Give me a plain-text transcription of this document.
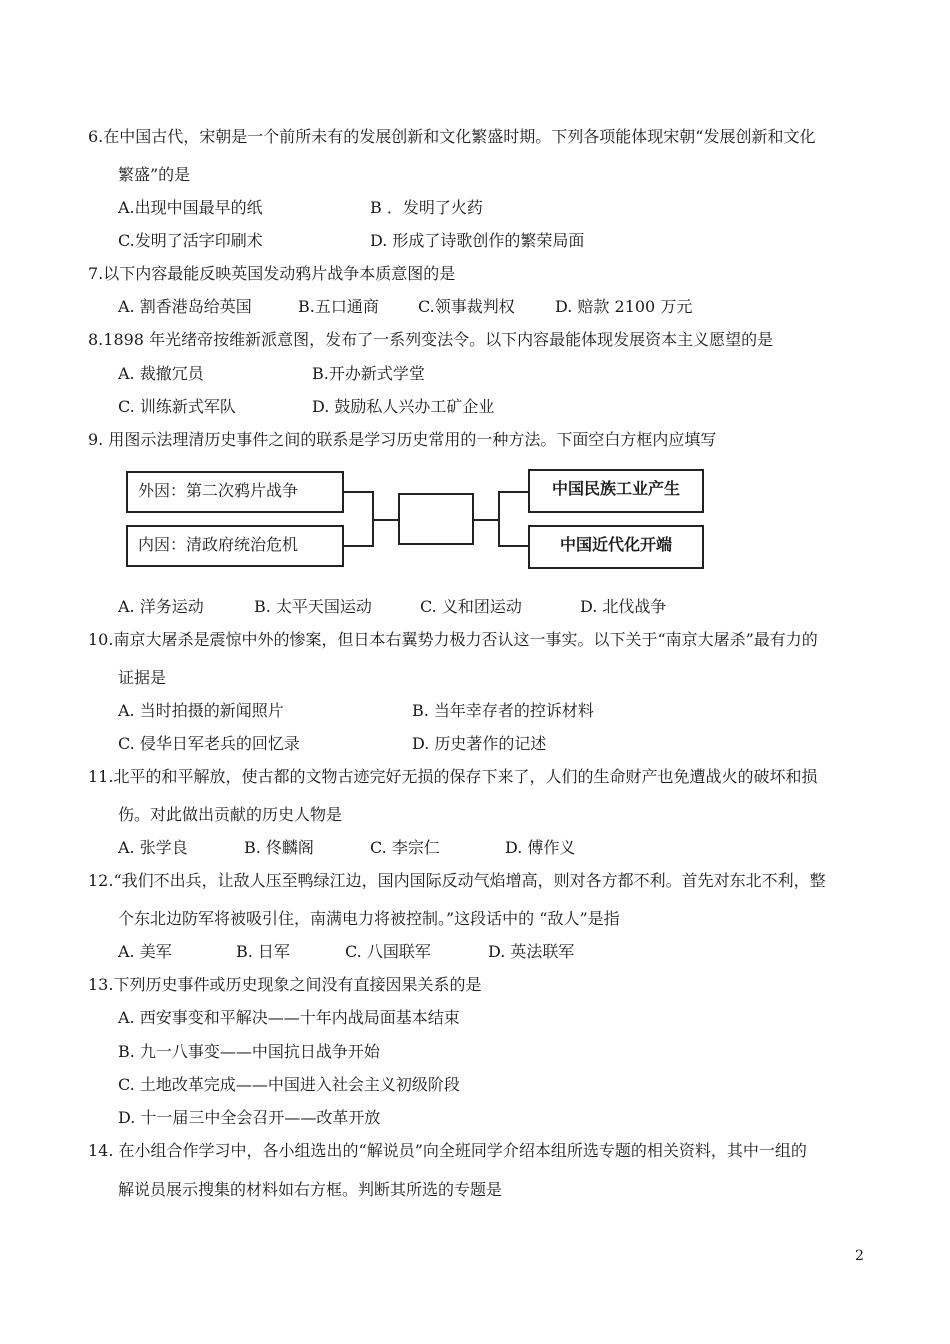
6.在中国古代，宋朝是一个前所未有的发展创新和文化繁盛时期。下列各项能体现宋朝“发展创新和文化
繁盛”的是
A.出现中国最早的纸	B ．发明了火药
C.发明了活字印刷术	D. 形成了诗歌创作的繁荣局面
7.以下内容最能反映英国发动鸦片战争本质意图的是
A. 割香港岛给英国	B.五口通商 C.领事裁判权	D. 赔款 2100 万元
8.1898 年光绪帝按维新派意图，发布了一系列变法令。以下内容最能体现发展资本主义愿望的是
A. 裁撤冗员	B.开办新式学堂
C. 训练新式军队	D. 鼓励私人兴办工矿企业
9. 用图示法理清历史事件之间的联系是学习历史常用的一种方法。下面空白方框内应填写
外因：第二次鸦片战争
内因：清政府统治危机
中国民族工业产生
中国近代化开端
A. 洋务运动	B. 太平天国运动	C. 义和团运动	D. 北伐战争
10.南京大屠杀是震惊中外的惨案，但日本右翼势力极力否认这一事实。以下关于“南京大屠杀”最有力的
证据是
A. 当时拍摄的新闻照片	B. 当年幸存者的控诉材料
C. 侵华日军老兵的回忆录	D. 历史著作的记述
11.北平的和平解放，使古都的文物古迹完好无损的保存下来了，人们的生命财产也免遭战火的破坏和损
伤。对此做出贡献的历史人物是
A. 张学良	B. 佟麟阁	C. 李宗仁	D. 傅作义
12.“我们不出兵，让敌人压至鸭绿江边，国内国际反动气焰增高，则对各方都不利。首先对东北不利，整
个东北边防军将被吸引住，南满电力将被控制。”这段话中的 “敌人”是指
A. 美军	B. 日军	C. 八国联军	D. 英法联军
13.下列历史事件或历史现象之间没有直接因果关系的是
A. 西安事变和平解决——十年内战局面基本结束
B. 九一八事变——中国抗日战争开始
C. 土地改革完成——中国进入社会主义初级阶段
D. 十一届三中全会召开——改革开放
14. 在小组合作学习中，各小组选出的“解说员”向全班同学介绍本组所选专题的相关资料，其中一组的
解说员展示搜集的材料如右方框。判断其所选的专题是
2
